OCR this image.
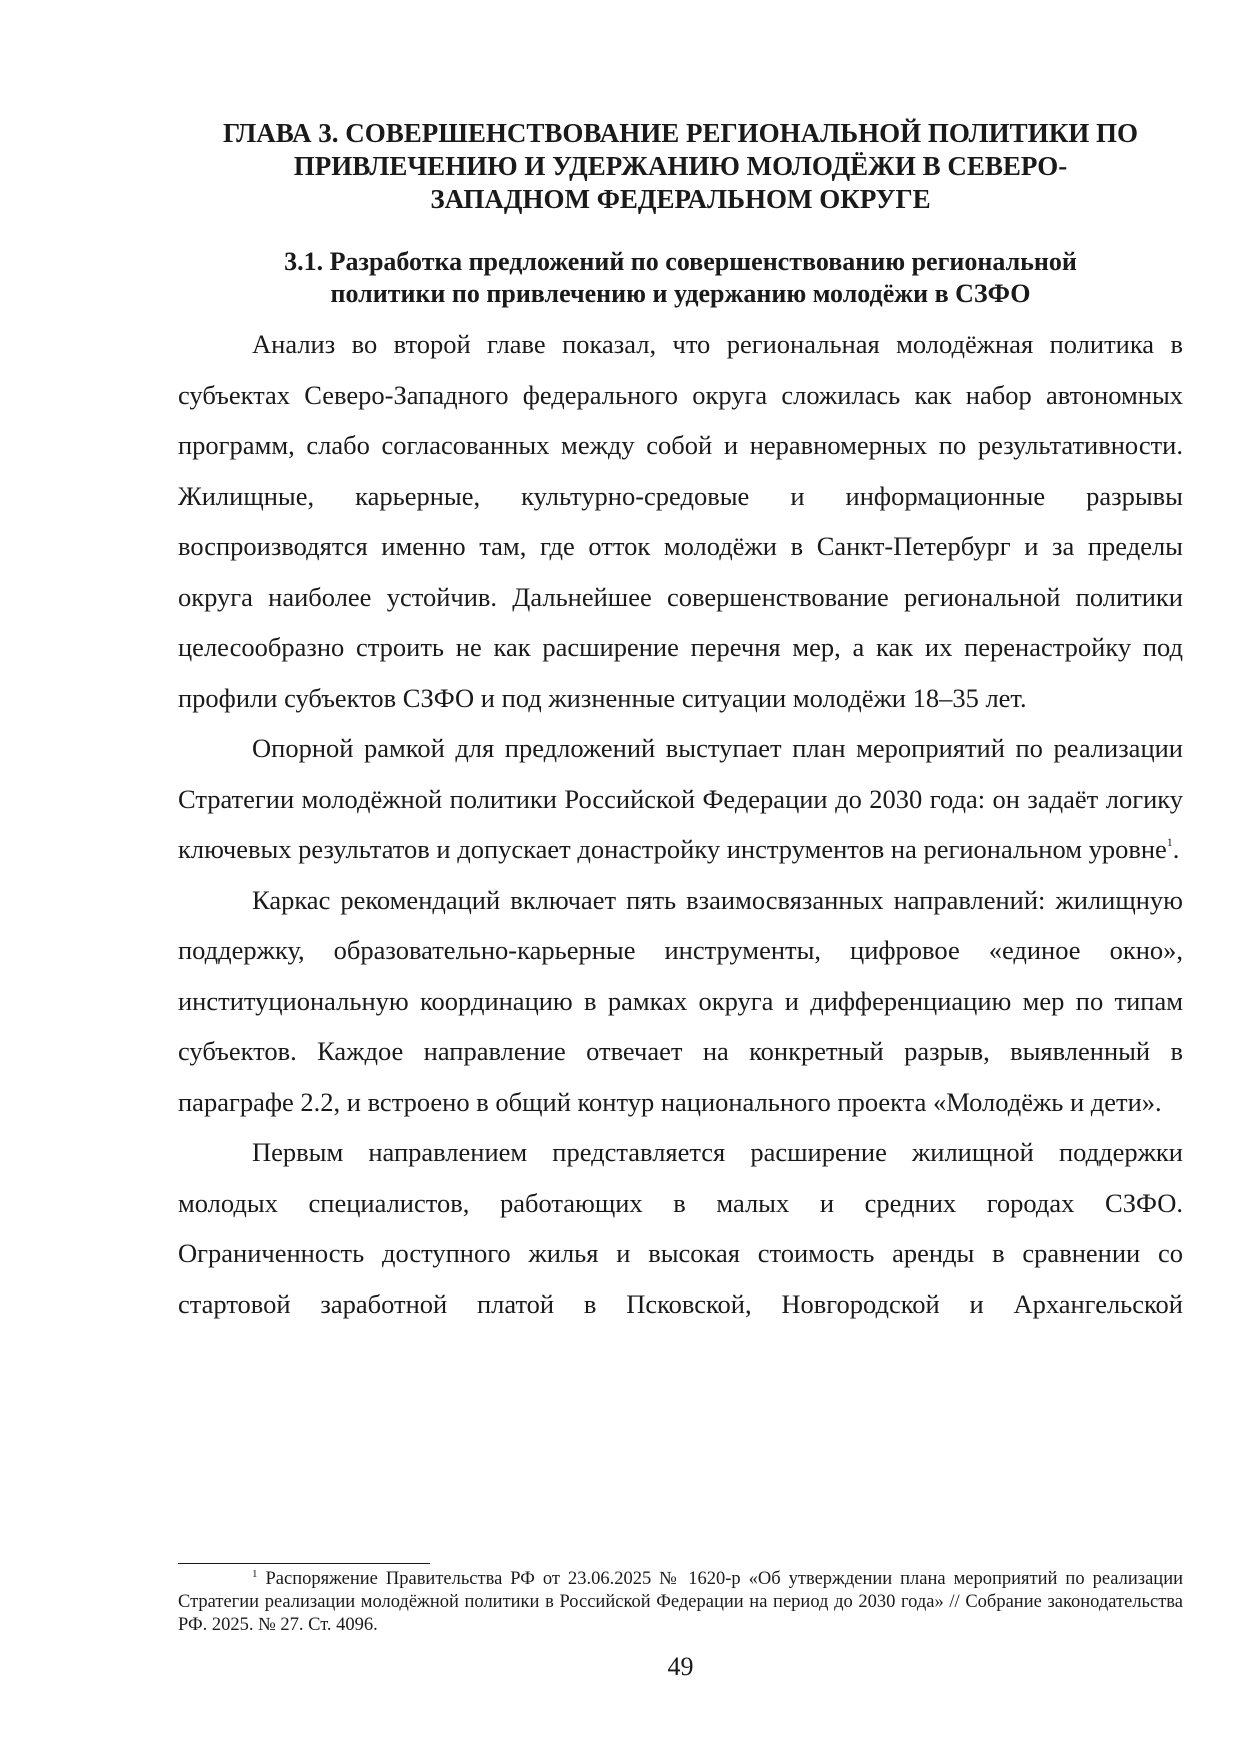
ГЛАВА 3. СОВЕРШЕНСТВОВАНИЕ РЕГИОНАЛЬНОЙ ПОЛИТИКИ ПО
ПРИВЛЕЧЕНИЮ И УДЕРЖАНИЮ МОЛОДЁЖИ В СЕВЕРО-
ЗАПАДНОМ ФЕДЕРАЛЬНОМ ОКРУГЕ
3.1. Разработка предложений по совершенствованию региональной
политики по привлечению и удержанию молодёжи в СЗФО

Анализ во второй главе показал, что региональная молодёжная политика в субъектах Северо-Западного федерального округа сложилась как набор автономных программ, слабо согласованных между собой и неравномерных по результативности. Жилищные, карьерные, культурно-средовые и информационные разрывы воспроизводятся именно там, где отток молодёжи в Санкт-Петербург и за пределы округа наиболее устойчив. Дальнейшее совершенствование региональной политики целесообразно строить не как расширение перечня мер, а как их перенастройку под профили субъектов СЗФО и под жизненные ситуации молодёжи 18–35 лет.

Опорной рамкой для предложений выступает план мероприятий по реализации Стратегии молодёжной политики Российской Федерации до 2030 года: он задаёт логику ключевых результатов и допускает донастройку инструментов на региональном уровне$^1$.

Каркас рекомендаций включает пять взаимосвязанных направлений: жилищную поддержку, образовательно-карьерные инструменты, цифровое «единое окно», институциональную координацию в рамках округа и дифференциацию мер по типам субъектов. Каждое направление отвечает на конкретный разрыв, выявленный в параграфе 2.2, и встроено в общий контур национального проекта «Молодёжь и дети».

Первым направлением представляется расширение жилищной поддержки молодых специалистов, работающих в малых и средних городах СЗФО. Ограниченность доступного жилья и высокая стоимость аренды в сравнении со стартовой заработной платой в Псковской, Новгородской и Архангельской

$^1$ Распоряжение Правительства РФ от 23.06.2025 № 1620-р «Об утверждении плана мероприятий по реализации Стратегии реализации молодёжной политики в Российской Федерации на период до 2030 года» // Собрание законодательства РФ. 2025. № 27. Ст. 4096.

49
